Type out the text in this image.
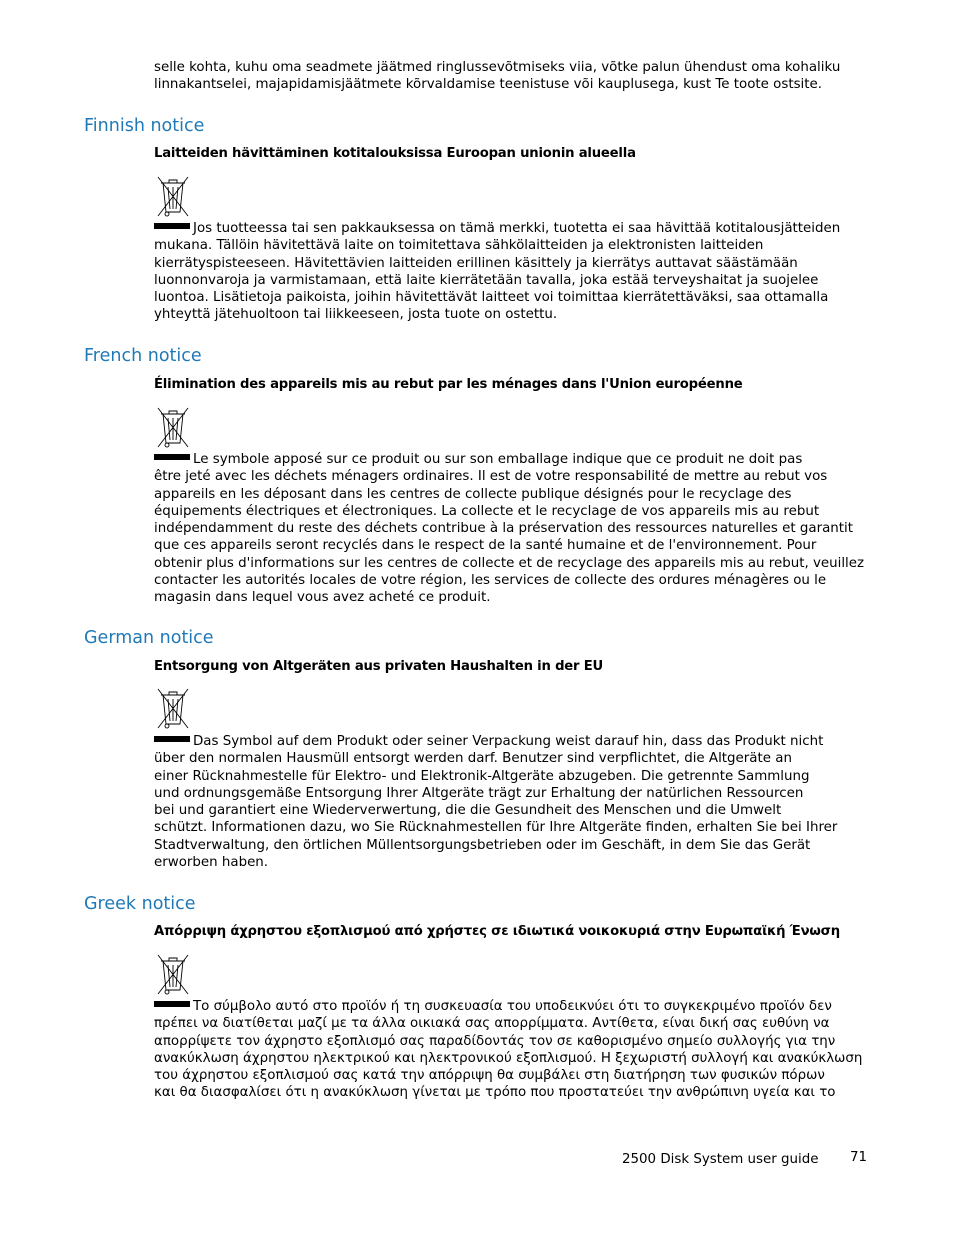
selle kohta, kuhu oma seadmete jäätmed ringlussevõtmiseks viia, võtke palun ühendust oma kohaliku
linnakantselei, majapidamisjäätmete kõrvaldamise teenistuse või kauplusega, kust Te toote ostsite.
Finnish notice
Laitteiden hävittäminen kotitalouksissa Euroopan unionin alueella
Jos tuotteessa tai sen pakkauksessa on tämä merkki, tuotetta ei saa hävittää kotitalousjätteiden
mukana. Tällöin hävitettävä laite on toimitettava sähkölaitteiden ja elektronisten laitteiden
kierrätyspisteeseen. Hävitettävien laitteiden erillinen käsittely ja kierrätys auttavat säästämään
luonnonvaroja ja varmistamaan, että laite kierrätetään tavalla, joka estää terveyshaitat ja suojelee
luontoa. Lisätietoja paikoista, joihin hävitettävät laitteet voi toimittaa kierrätettäväksi, saa ottamalla
yhteyttä jätehuoltoon tai liikkeeseen, josta tuote on ostettu.
French notice
Élimination des appareils mis au rebut par les ménages dans l'Union européenne
Le symbole apposé sur ce produit ou sur son emballage indique que ce produit ne doit pas
être jeté avec les déchets ménagers ordinaires. Il est de votre responsabilité de mettre au rebut vos
appareils en les déposant dans les centres de collecte publique désignés pour le recyclage des
équipements électriques et électroniques. La collecte et le recyclage de vos appareils mis au rebut
indépendamment du reste des déchets contribue à la préservation des ressources naturelles et garantit
que ces appareils seront recyclés dans le respect de la santé humaine et de l'environnement. Pour
obtenir plus d'informations sur les centres de collecte et de recyclage des appareils mis au rebut, veuillez
contacter les autorités locales de votre région, les services de collecte des ordures ménagères ou le
magasin dans lequel vous avez acheté ce produit.
German notice
Entsorgung von Altgeräten aus privaten Haushalten in der EU
Das Symbol auf dem Produkt oder seiner Verpackung weist darauf hin, dass das Produkt nicht
über den normalen Hausmüll entsorgt werden darf. Benutzer sind verpflichtet, die Altgeräte an
einer Rücknahmestelle für Elektro- und Elektronik-Altgeräte abzugeben. Die getrennte Sammlung
und ordnungsgemäße Entsorgung Ihrer Altgeräte trägt zur Erhaltung der natürlichen Ressourcen
bei und garantiert eine Wiederverwertung, die die Gesundheit des Menschen und die Umwelt
schützt. Informationen dazu, wo Sie Rücknahmestellen für Ihre Altgeräte finden, erhalten Sie bei Ihrer
Stadtverwaltung, den örtlichen Müllentsorgungsbetrieben oder im Geschäft, in dem Sie das Gerät
erworben haben.
Greek notice
Απόρριψη άχρηστου εξοπλισμού από χρήστες σε ιδιωτικά νοικοκυριά στην Ευρωπαϊκή Ένωση
Το σύμβολο αυτό στο προϊόν ή τη συσκευασία του υποδεικνύει ότι το συγκεκριμένο προϊόν δεν
πρέπει να διατίθεται μαζί με τα άλλα οικιακά σας απορρίμματα. Αντίθετα, είναι δική σας ευθύνη να
απορρίψετε τον άχρηστο εξοπλισμό σας παραδίδοντάς τον σε καθορισμένο σημείο συλλογής για την
ανακύκλωση άχρηστου ηλεκτρικού και ηλεκτρονικού εξοπλισμού. Η ξεχωριστή συλλογή και ανακύκλωση
του άχρηστου εξοπλισμού σας κατά την απόρριψη θα συμβάλει στη διατήρηση των φυσικών πόρων
και θα διασφαλίσει ότι η ανακύκλωση γίνεται με τρόπο που προστατεύει την ανθρώπινη υγεία και το
2500 Disk System user guide 71
